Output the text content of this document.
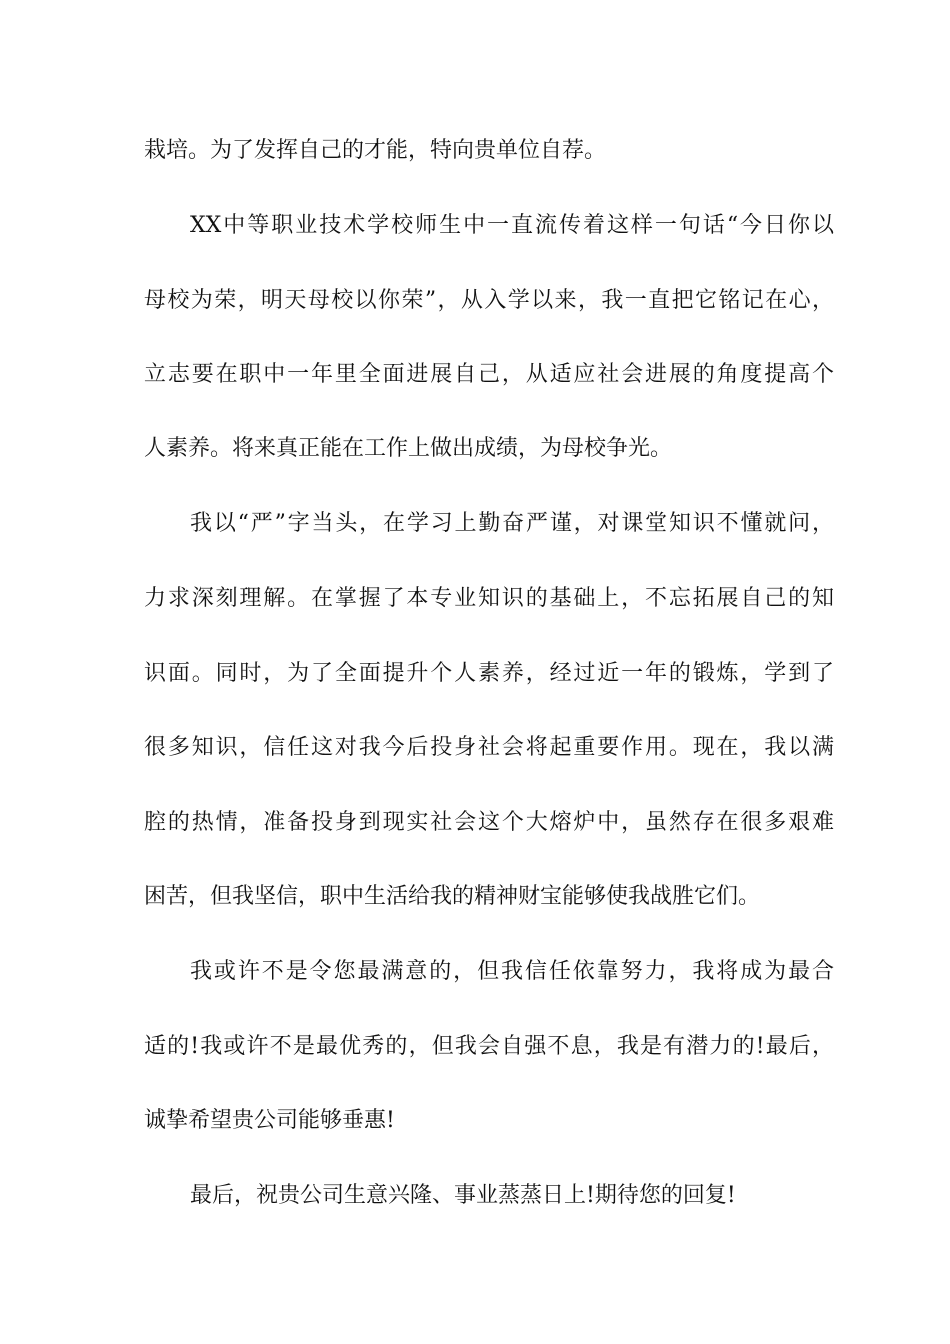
栽培。为了发挥自己的才能，特向贵单位自荐。
XX中等职业技术学校师生中一直流传着这样一句话“今日你以
母校为荣，明天母校以你荣”，从入学以来，我一直把它铭记在心，
立志要在职中一年里全面进展自己，从适应社会进展的角度提高个
人素养。将来真正能在工作上做出成绩，为母校争光。
我以“严”字当头，在学习上勤奋严谨，对课堂知识不懂就问，
力求深刻理解。在掌握了本专业知识的基础上，不忘拓展自己的知
识面。同时，为了全面提升个人素养，经过近一年的锻炼，学到了
很多知识，信任这对我今后投身社会将起重要作用。现在，我以满
腔的热情，准备投身到现实社会这个大熔炉中，虽然存在很多艰难
困苦，但我坚信，职中生活给我的精神财宝能够使我战胜它们。
我或许不是令您最满意的，但我信任依靠努力，我将成为最合
适的!我或许不是最优秀的，但我会自强不息，我是有潜力的!最后，
诚挚希望贵公司能够垂惠!
最后，祝贵公司生意兴隆、事业蒸蒸日上!期待您的回复!
